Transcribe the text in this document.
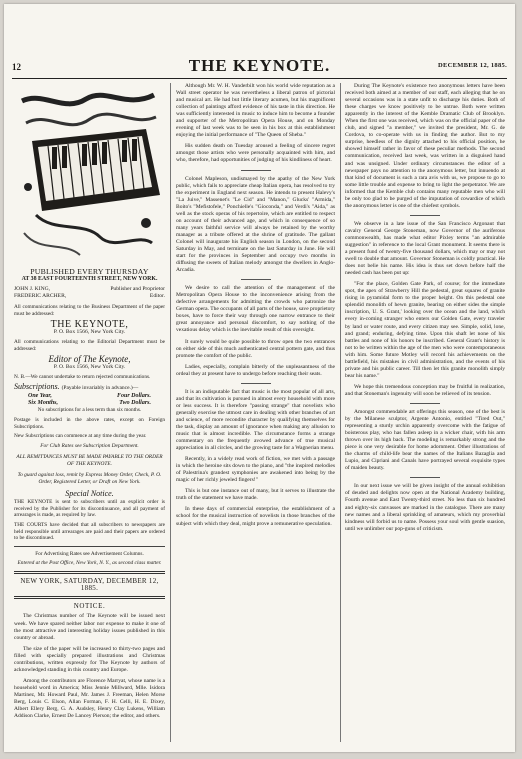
12	THE KEYNOTE.	DECEMBER 12, 1885.
PUBLISHED EVERY THURSDAY
AT 38 EAST FOURTEENTH STREET, NEW YORK.
JOHN J. KING,	Publisher and Proprietor
FREDERIC ARCHER,	Editor.

All communications relating to the Business Department of the paper must be addressed:

THE KEYNOTE,
P. O. Box 1566, New York City.

All communications relating to the Editorial Department must be addressed:

Editor of The Keynote,
P. O. Box 1566, New York City.

N. B.—We cannot undertake to return rejected communications.

Subscriptions. (Payable invariably in advance.)—
One Year,	Four Dollars.
Six Months,	Two Dollars.

No subscriptions for a less term than six months.

Postage is included in the above rates, except on Foreign Subscriptions.

New Subscriptions can commence at any time during the year.

For Club Rates see Subscription Department.

ALL REMITTANCES MUST BE MADE PAYABLE TO THE ORDER OF THE KEYNOTE.

To guard against loss, remit by Express Money Order, Check, P. O. Order, Registered Letter, or Draft on New York.

Special Notice.

THE KEYNOTE is sent to subscribers until an explicit order is received by the Publisher for its discontinuance, and all payment of arrearages is made, as required by law.

THE COURTS have decided that all subscribers to newspapers are held responsible until arrearages are paid and their papers are ordered to be discontinued.

For Advertising Rates see Advertisement Columns.

Entered at the Post Office, New York, N. Y., as second class matter.

NEW YORK, SATURDAY, DECEMBER 12, 1885.
NOTICE.

The Christmas number of The Keynote will be issued next week. We have spared neither labor nor expense to make it one of the most attractive and interesting holiday issues published in this country or abroad.

The size of the paper will be increased to thirty-two pages and filled with specially prepared illustrations and Christmas contributions, written expressly for The Keynote by authors of acknowledged standing in this country and Europe.

Among the contributors are Florence Marryat, whose name is a household word in America; Miss Jennie Millward, Mlle. Isidora Martinez, Mr. Howard Paul, Mr. James J. Freeman, Helen Morse Berg, Louis C. Elson, Allan Forman, F. H. Celli, H. E. Dixey, Albert Ellery Berg, G. A. Audsley, Henry Clay Lukens, William Addison Clarke, Ernest De Lancey Pierson; the editor, and others.

Although Mr. W. H. Vanderbilt won his world wide reputation as a Wall street operator he was nevertheless a liberal patron of pictorial and musical art. He had but little literary acumen, but his magnificent collection of paintings afford evidence of his taste in this direction. He was sufficiently interested in music to induce him to become a founder and supporter of the Metropolitan Opera House, and on Monday evening of last week was to be seen in his box at this establishment enjoying the initial performance of "The Queen of Sheba."

His sudden death on Tuesday aroused a feeling of sincere regret amongst those artists who were personally acquainted with him, and who, therefore, had opportunities of judging of his kindliness of heart.

Colonel Mapleson, undismayed by the apathy of the New York public, which fails to appreciate cheap Italian opera, has resolved to try the experiment in England next season. He intends to present Halevy's "La Juive," Massenet's "Le Cid" and "Manon," Glucks' "Armida," Boito's "Mefistofele," Ponchielle's "Gioconda," and Verdi's "Aida," as well as the stock operas of his repertoire, which are entitled to respect on account of their advanced age, and which in consequence of so many years faithful service will always be retained by the worthy manager as a tribute offered at the shrine of gratitude. The gallant Colonel will inaugurate his English season in London, on the second Saturday in May, and terminate on the last Saturday in June. He will start for the provinces in September and occupy two months in diffusing the sweets of Italian melody amongst the dwellers in Anglo-Arcadia.

We desire to call the attention of the management of the Metropolitan Opera House to the inconvenience arising from the defective arrangements for admitting the crowds who patronize the German opera. The occupants of all parts of the house, save proprietory boxes, have to force their way through one narrow entrance to their great annoyance and personal discomfort, to say nothing of the vexatious delay which is the inevitable result of this oversight.

It surely would be quite possible to throw open the two entrances on either side of this much authenticated central pottern gate, and thus promote the comfort of the public.

Ladies, especially, complain bitterly of the unpleasantness of the ordeal they at present have to undergo before reaching their seats.

It is an indisputable fact that music is the most popular of all arts, and that its cultivation is pursued in almost every household with more or less success. It is therefore "passing strange" that novelists who generally exercise the utmost care in dealing with other branches of art and science, of more recondite character by qualifying themselves for the task, display an amount of ignorance when making any allusion to music that is almost incredible. The circumstance forms a strange commentary on the frequently avowed advance of true musical appreciation in all circles, and the growing taste for a Wagnerian menu.

Recently, in a widely read work of fiction, we met with a passage in which the heroine sits down to the piano, and "the inspired melodies of Palestrina's grandest symphonies are awakened into being by the magic of her richly jeweled fingers!"

This is but one instance out of many, but it serves to illustrate the truth of the statement we have made.

In these days of commercial enterprise, the establishment of a school for the musical instruction of novelists in those branches of the subject with which they deal, might prove a remunerative speculation.

During The Keynote's existence two anonymous letters have been received both aimed at a member of our staff, each alleging that he on several occasions was in a state unfit to discharge his duties. Both of these charges we know positively to be untrue. Both were written apparently in the interest of the Kemble Dramatic Club of Brooklyn. When the first one was received, which was on the official paper of the club, and signed "a member," we invited the president, Mr. G. de Cordova, to co-operate with us in finding the author. But to my surprise, heedless of the dignity attached to his official position, he showed himself rather in favor of these peculiar methods. The second communication, received last week, was written in a disguised hand and was unsigned. Under ordinary circumstances the editor of a newspaper pays no attention to the anonymous letter, but innuendo at that kind of document is such a rara avis with us, we propose to go to some little trouble and expense to bring to light the perpetrator. We are informed that the Kemble club contains many reputable men who will be only too glad to be purged of the imputation of cowardice of which the anonymous letter is one of the chiefest symbols.

We observe in a late issue of the San Francisco Argonaut that cavalry General George Stoneman, now Governor of the auriferous commonwealth, has made what editor Pixley terms "an admirable suggestion" in reference to the local Grant monument. It seems there is a present fund of twenty-five thousand dollars, which may or may not swell to double that amount. Governor Stoneman is coldly practical. He does not belie his name. His idea is thus set down before half the needed cash has been put up:

"For the place, Golden Gate Park, of course; for the immediate spot, the apex of Strawberry Hill the pedestal, great squares of granite rising in pyramidal form to the proper height. On this pedestal one splendid monolith of hewn granite, bearing on either sides the simple inscription, U. S. Grant,' looking over the ocean and the land, which every in-coming stranger who enters our Golden Gate, every traveler by land or water route, and every citizen may see. Simple, solid, lone, and grand; enduring, defying time. Upon this shaft let none of his battles and none of his honors be inscribed. General Grant's history is not to be written within the age of the men who were contemporaneous with him. Some future Motley will record his achievements on the battlefield, his mistakes in civil administration, and the events of his private and his public career. Till then let this granite monolith simply bear his name."

We hope this tremendous conception may be fruitful in realization, and that Stoneman's ingenuity will soon be relieved of its tension.

Amongst commendable art offerings this season, one of the best is by the Milanese sculptor, Argente Antonio, entitled "Tired Out," representing a sturdy urchin apparently overcome with the fatigue of boisterous play, who has fallen asleep in a wicker chair, with his arm thrown over its high back. The modeling is remarkably strong and the piece is one very desirable for home adornment. Other illustrations of the charms of child-life bear the names of the Italians Bazaglia and Lupio, and Cipriani and Canals have portrayed several exquisite types of maiden beauty.

In our next issue we will be given insight of the annual exhibition of deuded and delights now open at the National Academy building, Fourth avenue and East Twenty-third street. No less than six hundred and eighty-six canvasses are marked in the catalogue. There are many new names and a liberal sprinkling of amateurs, which my proverbial kindness will forbid us to name. Possess your soul with gentle suasion, until we unlimber our pop-guns of criticism.
